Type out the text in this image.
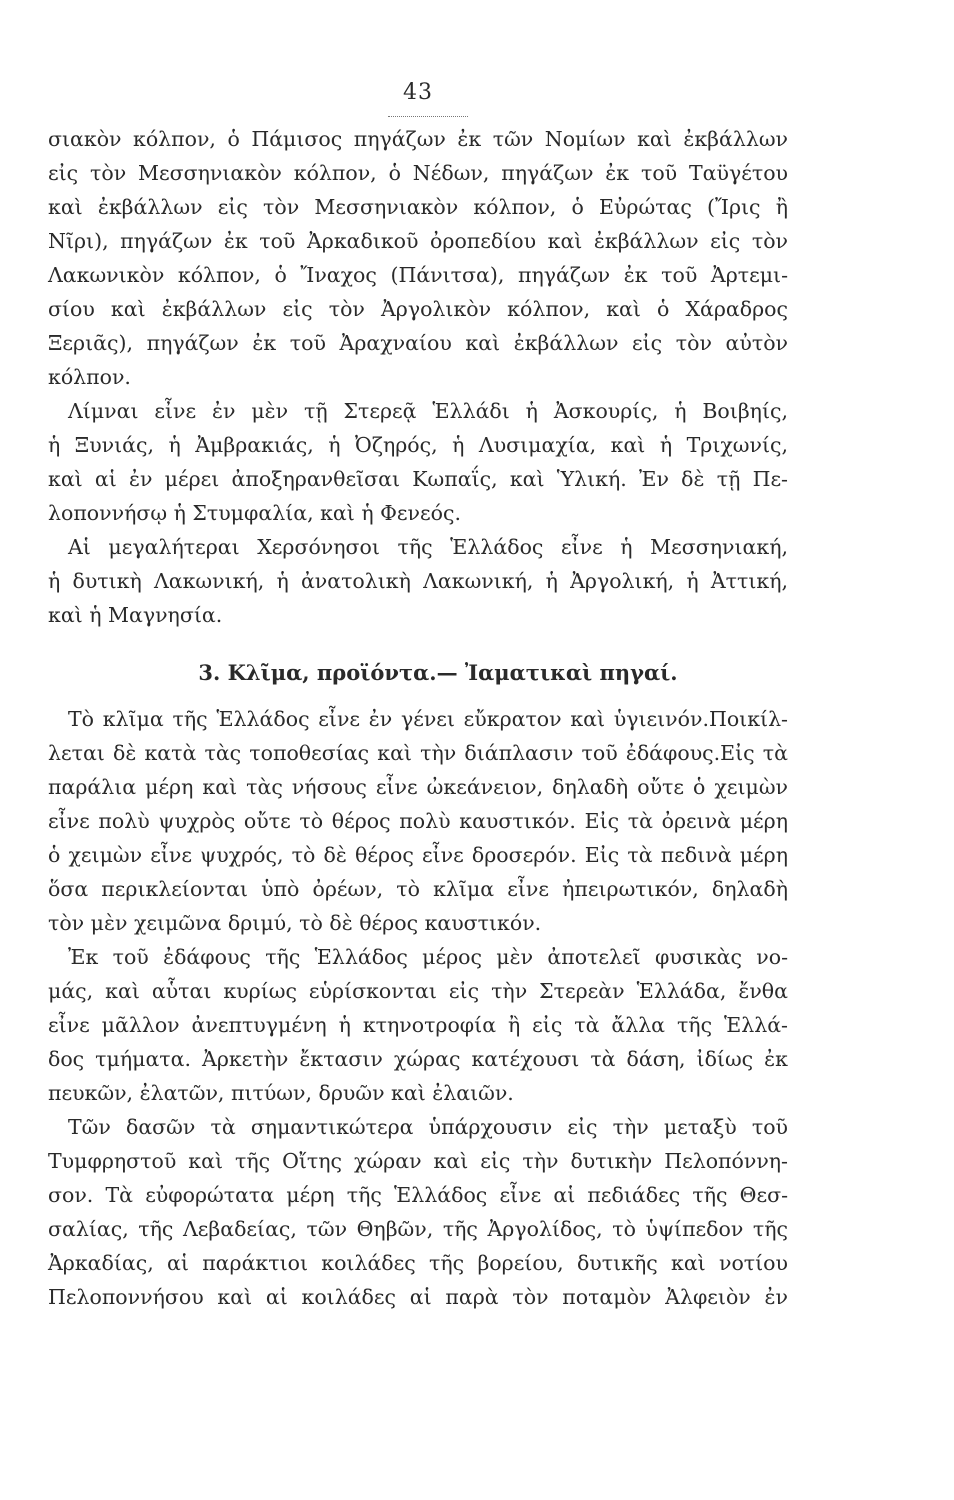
43
σιακὸν κόλπον, ὁ Πάμισος πηγάζων ἐκ τῶν Νομίων καὶ ἐκβάλλων
εἰς τὸν Μεσσηνιακὸν κόλπον, ὁ Νέδων, πηγάζων ἐκ τοῦ Ταϋγέτου
καὶ ἐκβάλλων εἰς τὸν Μεσσηνιακὸν κόλπον, ὁ Εὐρώτας (Ἴρις ἢ
Νῖρι), πηγάζων ἐκ τοῦ Ἀρκαδικοῦ ὀροπεδίου καὶ ἐκβάλλων εἰς τὸν
Λακωνικὸν κόλπον, ὁ Ἴναχος (Πάνιτσα), πηγάζων ἐκ τοῦ Ἀρτεμι-
σίου καὶ ἐκβάλλων εἰς τὸν Ἀργολικὸν κόλπον, καὶ ὁ Χάραδρος
Ξεριᾶς), πηγάζων ἐκ τοῦ Ἀραχναίου καὶ ἐκβάλλων εἰς τὸν αὐτὸν
κόλπον.
Λίμναι εἶνε ἐν μὲν τῇ Στερεᾷ Ἑλλάδι ἡ Ἀσκουρίς, ἡ Βοιβηίς,
ἡ Ξυνιάς, ἡ Ἀμβρακιάς, ἡ Ὀζηρός, ἡ Λυσιμαχία, καὶ ἡ Τριχωνίς,
καὶ αἱ ἐν μέρει ἀποξηρανθεῖσαι Κωπαΐς, καὶ Ὑλική. Ἐν δὲ τῇ Πε-
λοποννήσῳ ἡ Στυμφαλία, καὶ ἡ Φενεός.
Αἱ μεγαλήτεραι Χερσόνησοι τῆς Ἑλλάδος εἶνε ἡ Μεσσηνιακή,
ἡ δυτικὴ Λακωνική, ἡ ἀνατολικὴ Λακωνική, ἡ Ἀργολική, ἡ Ἀττική,
καὶ ἡ Μαγνησία.
3. Κλῖμα, προϊόντα.— Ἰαματικαὶ πηγαί.
Τὸ κλῖμα τῆς Ἑλλάδος εἶνε ἐν γένει εὔκρατον καὶ ὑγιεινόν.Ποικίλ-
λεται δὲ κατὰ τὰς τοποθεσίας καὶ τὴν διάπλασιν τοῦ ἐδάφους.Εἰς τὰ
παράλια μέρη καὶ τὰς νήσους εἶνε ὠκεάνειον, δηλαδὴ οὔτε ὁ χειμὼν
εἶνε πολὺ ψυχρὸς οὔτε τὸ θέρος πολὺ καυστικόν. Εἰς τὰ ὀρεινὰ μέρη
ὁ χειμὼν εἶνε ψυχρός, τὸ δὲ θέρος εἶνε δροσερόν. Εἰς τὰ πεδινὰ μέρη
ὅσα περικλείονται ὑπὸ ὀρέων, τὸ κλῖμα εἶνε ἠπειρωτικόν, δηλαδὴ
τὸν μὲν χειμῶνα δριμύ, τὸ δὲ θέρος καυστικόν.
Ἐκ τοῦ ἐδάφους τῆς Ἑλλάδος μέρος μὲν ἀποτελεῖ φυσικὰς νο-
μάς, καὶ αὗται κυρίως εὑρίσκονται εἰς τὴν Στερεὰν Ἑλλάδα, ἔνθα
εἶνε μᾶλλον ἀνεπτυγμένη ἡ κτηνοτροφία ἢ εἰς τὰ ἄλλα τῆς Ἑλλά-
δος τμήματα. Ἀρκετὴν ἔκτασιν χώρας κατέχουσι τὰ δάση, ἰδίως ἐκ
πευκῶν, ἐλατῶν, πιτύων, δρυῶν καὶ ἐλαιῶν.
Τῶν δασῶν τὰ σημαντικώτερα ὑπάρχουσιν εἰς τὴν μεταξὺ τοῦ
Τυμφρηστοῦ καὶ τῆς Οἴτης χώραν καὶ εἰς τὴν δυτικὴν Πελοπόννη-
σον. Τὰ εὐφορώτατα μέρη τῆς Ἑλλάδος εἶνε αἱ πεδιάδες τῆς Θεσ-
σαλίας, τῆς Λεβαδείας, τῶν Θηβῶν, τῆς Ἀργολίδος, τὸ ὑψίπεδον τῆς
Ἀρκαδίας, αἱ παράκτιοι κοιλάδες τῆς βορείου, δυτικῆς καὶ νοτίου
Πελοποννήσου καὶ αἱ κοιλάδες αἱ παρὰ τὸν ποταμὸν Ἀλφειὸν ἐν
